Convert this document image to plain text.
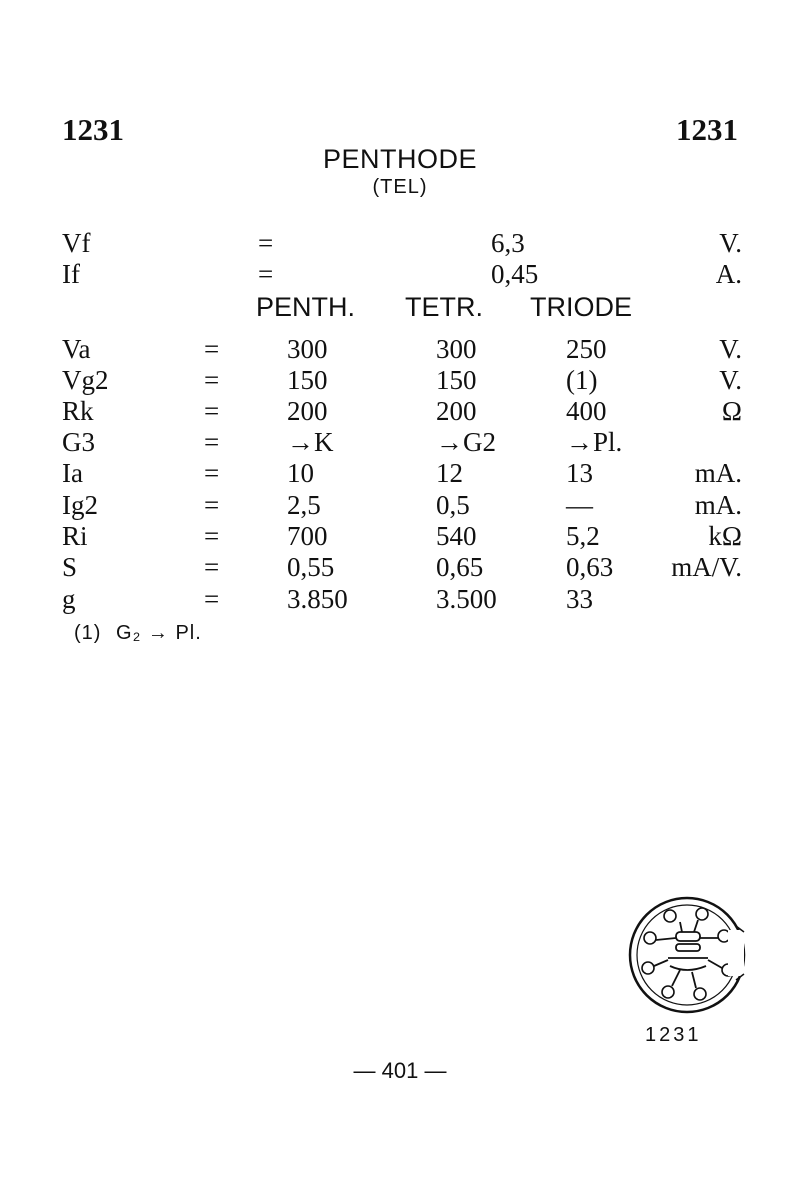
1231	1231
PENTHODE
(TEL)
Vf	=	6,3	V.
If	=	0,45	A.
PENTH. TETR. TRIODE
Va	=	300	300	250	V.
Vg2	=	150	150	(1)	V.
Rk	=	200	200	400	Ω
G3	=	→K	→G2	→Pl.
Ia	=	10	12	13	mA.
Ig2	=	2,5	0,5	—	mA.
Ri	=	700	540	5,2	kΩ
S	=	0,55	0,65	0,63 mA/V.
g	=	3.850	3.500	33
(1) G₂ → Pl.
1231
— 401 —
